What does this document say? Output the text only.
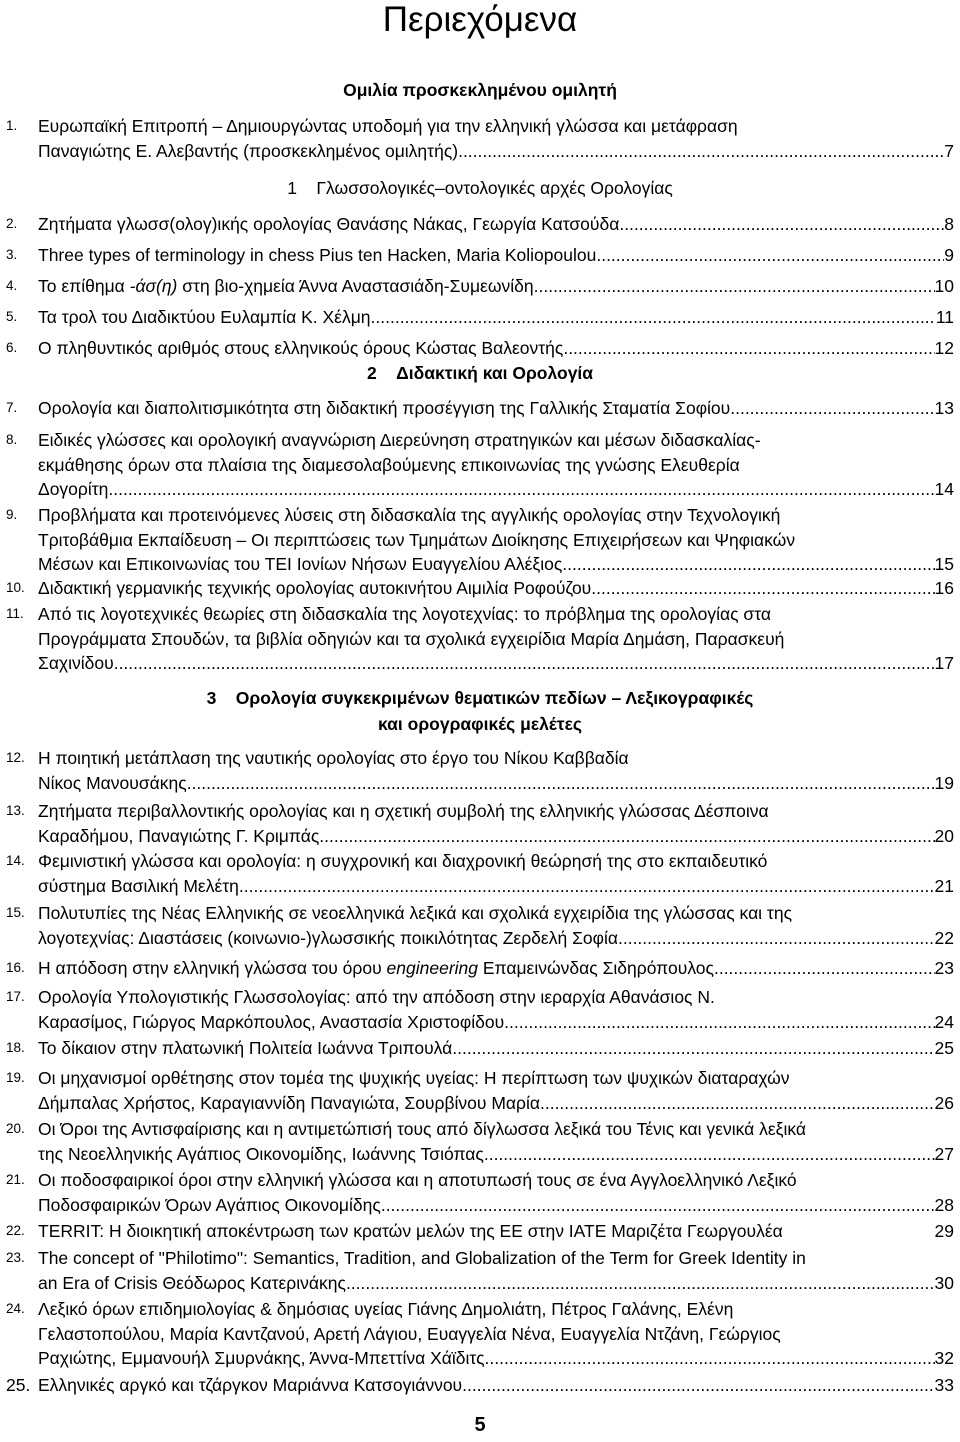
Περιεχόμενα
Ομιλία προσκεκλημένου ομιλητή
1.	Ευρωπαϊκή Επιτροπή – Δημιουργώντας υποδομή για την ελληνική γλώσσα και μετάφραση
Παναγιώτης Ε. Αλεβαντής (προσκεκλημένος ομιλητής) .....	7
1 Γλωσσολογικές–οντολογικές αρχές Ορολογίας
2.	Ζητήματα γλωσσ(ολογ)ικής ορολογίας Θανάσης Νάκας, Γεωργία Κατσούδα .....	8
3.	Three types of terminology in chess Pius ten Hacken, Maria Koliopoulou .....	9
4.	Το επίθημα -άσ(η) στη βιο-χημεία Άννα Αναστασιάδη-Συμεωνίδη .....	10
5.	Τα τρολ του Διαδικτύου Ευλαμπία Κ. Χέλμη .....	11
6.	Ο πληθυντικός αριθμός στους ελληνικούς όρους Κώστας Βαλεοντής .....	12
2 Διδακτική και Ορολογία
7.	Ορολογία και διαπολιτισμικότητα στη διδακτική προσέγγιση της Γαλλικής Σταματία Σοφίου .....	13
8.	Ειδικές γλώσσες και ορολογική αναγνώριση Διερεύνηση στρατηγικών και μέσων διδασκαλίας-
εκμάθησης όρων στα πλαίσια της διαμεσολαβούμενης επικοινωνίας της γνώσης Ελευθερία
Δογορίτη .....	14
9.	Προβλήματα και προτεινόμενες λύσεις στη διδασκαλία της αγγλικής ορολογίας στην Τεχνολογική
Τριτοβάθμια Εκπαίδευση – Οι περιπτώσεις των Τμημάτων Διοίκησης Επιχειρήσεων και Ψηφιακών
Μέσων και Επικοινωνίας του ΤΕΙ Ιονίων Νήσων Ευαγγελίου Αλέξιος .....	15
10. Διδακτική γερμανικής τεχνικής ορολογίας αυτοκινήτου Αιμιλία Ροφούζου .....	16
11. Από τις λογοτεχνικές θεωρίες στη διδασκαλία της λογοτεχνίας: το πρόβλημα της ορολογίας στα
Προγράμματα Σπουδών, τα βιβλία οδηγιών και τα σχολικά εγχειρίδια Μαρία Δημάση, Παρασκευή
Σαχινίδου .....	17
3 Ορολογία συγκεκριμένων θεματικών πεδίων – Λεξικογραφικές
και ορογραφικές μελέτες
12. Η ποιητική μετάπλαση της ναυτικής ορολογίας στο έργο του Νίκου Καββαδία
Νίκος Μανουσάκης .....	19
13. Ζητήματα περιβαλλοντικής ορολογίας και η σχετική συμβολή της ελληνικής γλώσσας Δέσποινα
Καραδήμου, Παναγιώτης Γ. Κριμπάς .....	20
14. Φεμινιστική γλώσσα και ορολογία: η συγχρονική και διαχρονική θεώρησή της στο εκπαιδευτικό
σύστημα Βασιλική Μελέτη .....	21
15. Πολυτυπίες της Νέας Ελληνικής σε νεοελληνικά λεξικά και σχολικά εγχειρίδια της γλώσσας και της
λογοτεχνίας: Διαστάσεις (κοινωνιο-)γλωσσικής ποικιλότητας Ζερδελή Σοφία .....	22
16. Η απόδοση στην ελληνική γλώσσα του όρου engineering Επαμεινώνδας Σιδηρόπουλος .....	23
17. Ορολογία Υπολογιστικής Γλωσσολογίας: από την απόδοση στην ιεραρχία Αθανάσιος Ν.
Καρασίμος, Γιώργος Μαρκόπουλος, Αναστασία Χριστοφίδου .....	24
18. Το δίκαιον στην πλατωνική Πολιτεία Ιωάννα Τριπουλά .....	25
19. Οι μηχανισμοί ορθέτησης στον τομέα της ψυχικής υγείας: Η περίπτωση των ψυχικών διαταραχών
Δήμπαλας Χρήστος, Καραγιαννίδη Παναγιώτα, Σουρβίνου Μαρία .....	26
20. Οι Όροι της Αντισφαίρισης και η αντιμετώπισή τους από δίγλωσσα λεξικά του Τένις και γενικά λεξικά
της Νεοελληνικής Αγάπιος Οικονομίδης, Ιωάννης Τσιόπας .....	27
21. Οι ποδοσφαιρικοί όροι στην ελληνική γλώσσα και η αποτυπωσή τους σε ένα Αγγλοελληνικό Λεξικό
Ποδοσφαιρικών Όρων Αγάπιος Οικονομίδης .....	28
22. TERRIT: Η διοικητική αποκέντρωση των κρατών μελών της ΕΕ στην IATE Μαριζέτα Γεωργουλέα	29
23. The concept of "Philotimo": Semantics, Tradition, and Globalization of the Term for Greek Identity in
an Era of Crisis Θεόδωρος Κατερινάκης .....	30
24. Λεξικό όρων επιδημιολογίας & δημόσιας υγείας Γιάνης Δημολιάτη, Πέτρος Γαλάνης, Ελένη
Γελαστοπούλου, Μαρία Καντζανού, Αρετή Λάγιου, Ευαγγελία Νένα, Ευαγγελία Ντζάνη, Γεώργιος
Ραχιώτης, Εμμανουήλ Σμυρνάκης, Άννα-Μπεττίνα Χάϊδιτς .....	32
25. Ελληνικές αργκό και τζάργκον Μαριάννα Κατσογιάννου .....	33
5
